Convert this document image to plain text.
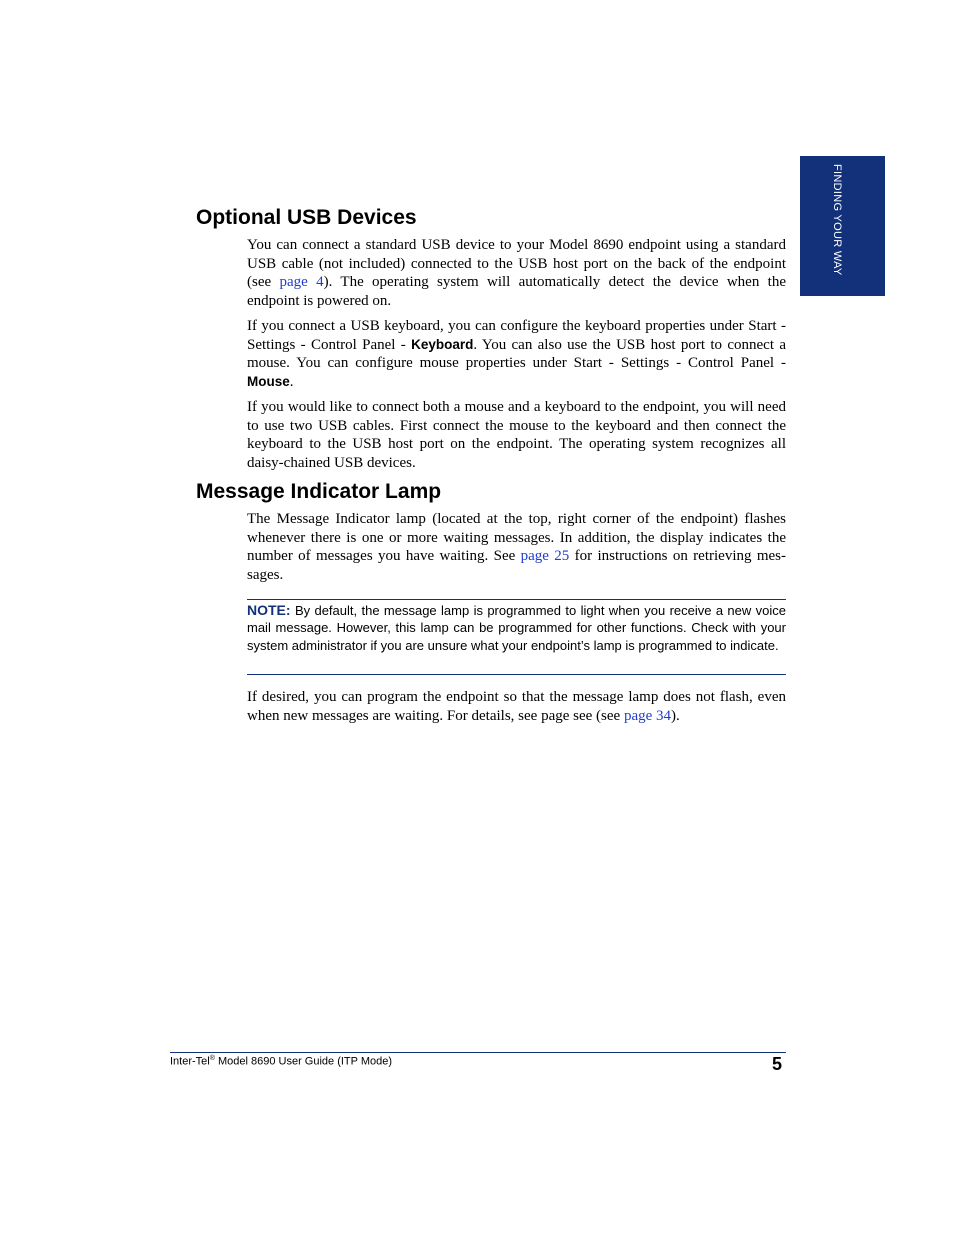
FINDING YOUR WAY
Optional USB Devices

You can connect a standard USB device to your Model 8690 endpoint using a standard USB cable (not included) connected to the USB host port on the back of the endpoint (see page 4). The operating system will automatically detect the device when the endpoint is powered on.

If you connect a USB keyboard, you can configure the keyboard properties under Start - Settings - Control Panel - Keyboard. You can also use the USB host port to connect a mouse. You can configure mouse properties under Start - Settings - Control Panel - Mouse.

If you would like to connect both a mouse and a keyboard to the endpoint, you will need to use two USB cables. First connect the mouse to the keyboard and then connect the keyboard to the USB host port on the endpoint. The operating system recognizes all daisy-chained USB devices.

Message Indicator Lamp

The Message Indicator lamp (located at the top, right corner of the endpoint) flashes whenever there is one or more waiting messages. In addition, the display indicates the number of messages you have waiting. See page 25 for instructions on retrieving messages.

NOTE: By default, the message lamp is programmed to light when you receive a new voice mail message. However, this lamp can be programmed for other functions. Check with your system administrator if you are unsure what your endpoint’s lamp is programmed to indicate.

If desired, you can program the endpoint so that the message lamp does not flash, even when new messages are waiting. For details, see page see (see page 34).

Inter-Tel® Model 8690 User Guide (ITP Mode)	5
